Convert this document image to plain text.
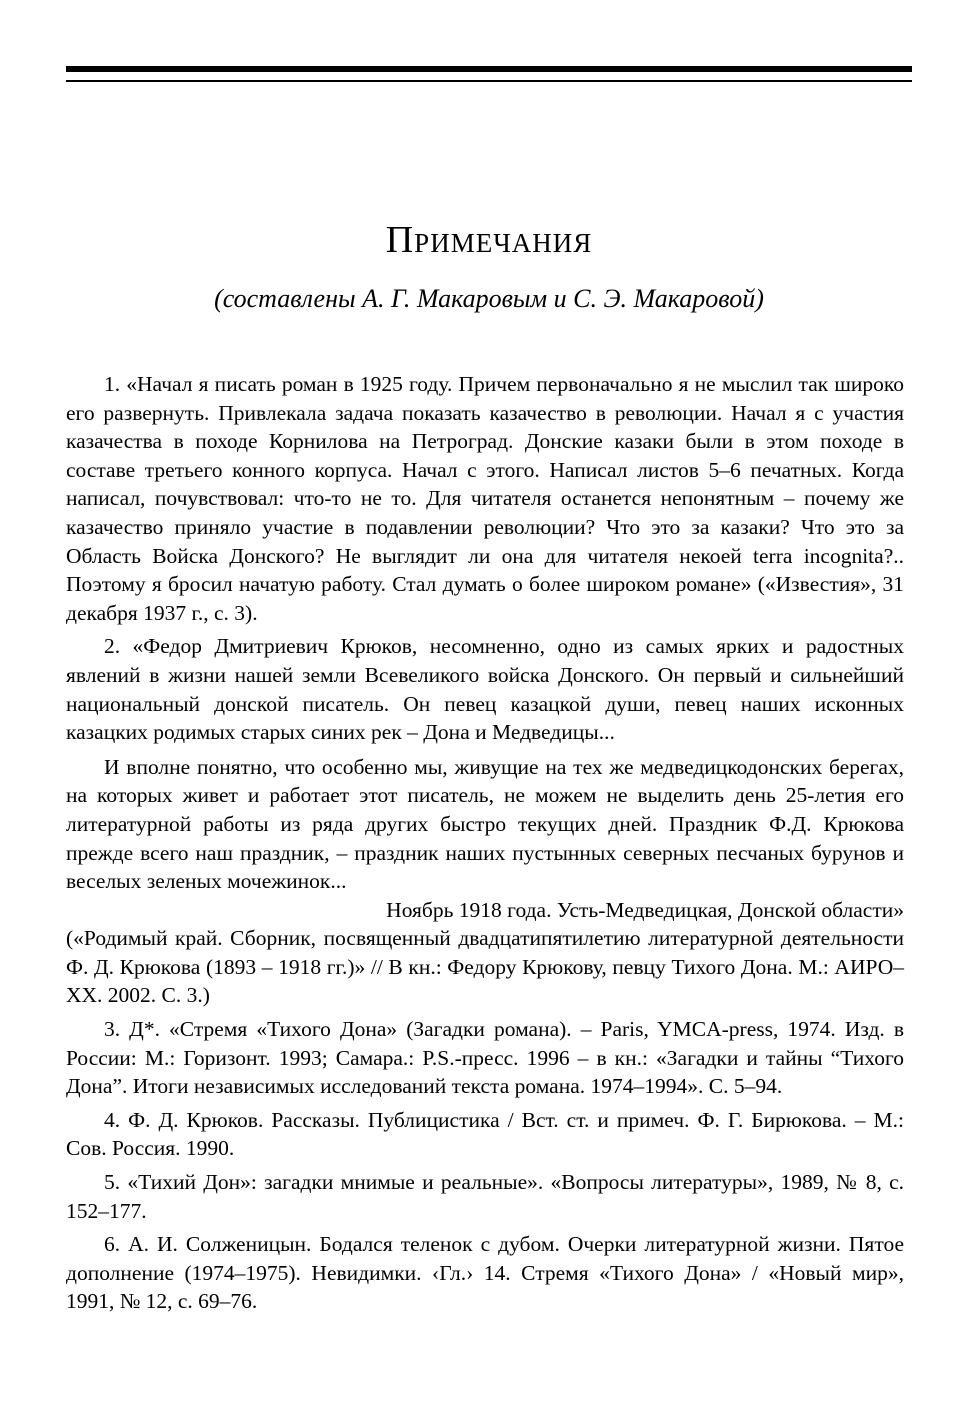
Примечания
(составлены А. Г. Макаровым и С. Э. Макаровой)

1. «Начал я писать роман в 1925 году. Причем первоначально я не мыслил так широко его развернуть. Привлекала задача показать казачество в революции. Начал я с участия казачества в походе Корнилова на Петроград. Донские казаки были в этом походе в составе третьего конного корпуса. Начал с этого. Написал листов 5–6 печатных. Когда написал, почувствовал: что-то не то. Для читателя останется непонятным – почему же казачество приняло участие в подавлении революции? Что это за казаки? Что это за Область Войска Донского? Не выглядит ли она для читателя некоей terra incognita?.. Поэтому я бросил начатую работу. Стал думать о более широком романе» («Известия», 31 декабря 1937 г., с. 3).

2. «Федор Дмитриевич Крюков, несомненно, одно из самых ярких и радостных явлений в жизни нашей земли Всевеликого войска Донского. Он первый и сильнейший национальный донской писатель. Он певец казацкой души, певец наших исконных казацких родимых старых синих рек – Дона и Медведицы...

И вполне понятно, что особенно мы, живущие на тех же медведицкодонских берегах, на которых живет и работает этот писатель, не можем не выделить день 25-летия его литературной работы из ряда других быстро текущих дней. Праздник Ф.Д. Крюкова прежде всего наш праздник, – праздник наших пустынных северных песчаных бурунов и веселых зеленых мочежинок...

Ноябрь 1918 года. Усть-Медведицкая, Донской области»

(«Родимый край. Сборник, посвященный двадцатипятилетию литературной деятельности Ф. Д. Крюкова (1893 – 1918 гг.)» // В кн.: Федору Крюкову, певцу Тихого Дона. М.: АИРО–XX. 2002. С. 3.)

3. Д*. «Стремя «Тихого Дона» (Загадки романа). – Paris, YMCA-press, 1974. Изд. в России: М.: Горизонт. 1993; Самара.: P.S.-пресс. 1996 – в кн.: «Загадки и тайны “Тихого Дона”. Итоги независимых исследований текста романа. 1974–1994». С. 5–94.

4. Ф. Д. Крюков. Рассказы. Публицистика / Вст. ст. и примеч. Ф. Г. Бирюкова. – М.: Сов. Россия. 1990.

5. «Тихий Дон»: загадки мнимые и реальные». «Вопросы литературы», 1989, № 8, с. 152–177.

6. А. И. Солженицын. Бодался теленок с дубом. Очерки литературной жизни. Пятое дополнение (1974–1975). Невидимки. ‹Гл.› 14. Стремя «Тихого Дона» / «Новый мир», 1991, № 12, с. 69–76.
